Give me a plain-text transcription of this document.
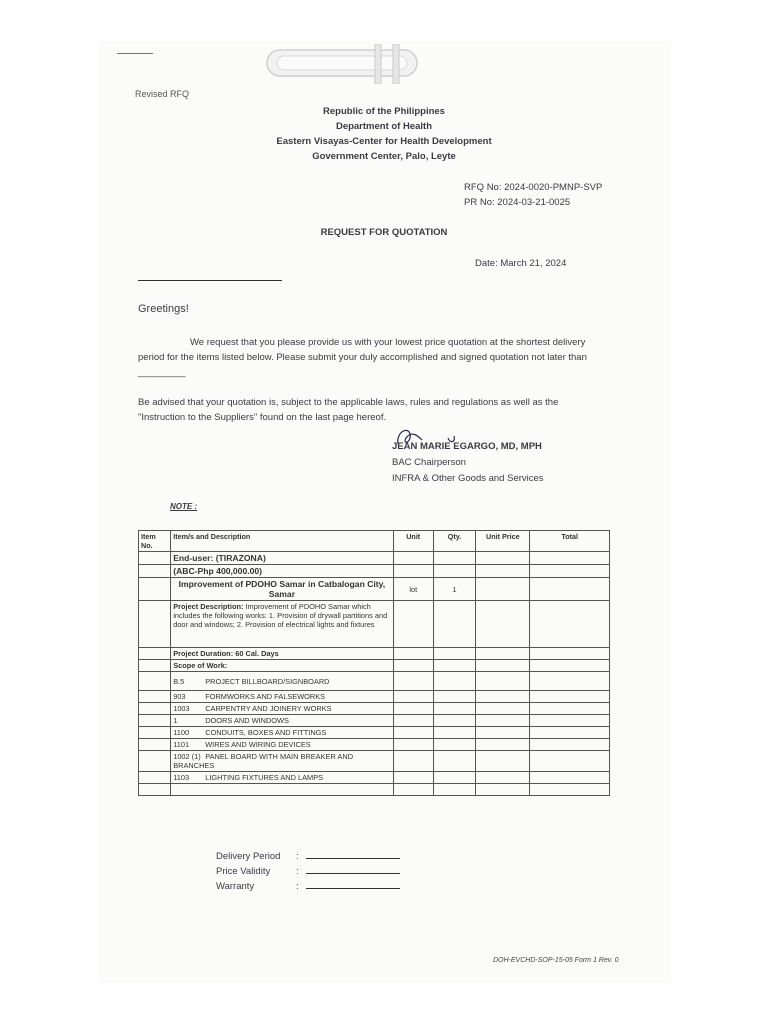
Revised RFQ
Republic of the Philippines
Department of Health
Eastern Visayas-Center for Health Development
Government Center, Palo, Leyte
RFQ No: 2024-0020-PMNP-SVP
PR No: 2024-03-21-0025
REQUEST FOR QUOTATION
Date: March 21, 2024
Greetings!
We request that you please provide us with your lowest price quotation at the shortest delivery period for the items listed below. Please submit your duly accomplished and signed quotation not later than _________
Be advised that your quotation is, subject to the applicable laws, rules and regulations as well as the "Instruction to the Suppliers" found on the last page hereof.
JEAN MARIE EGARGO, MD, MPH
BAC Chairperson
INFRA & Other Goods and Services
NOTE :
Item No.	Item/s and Description	Unit	Qty.	Unit Price	Total
	End-user: (TIRAZONA)				
	(ABC-Php 400,000.00)				
	Improvement of PDOHO Samar in Catbalogan City, Samar	lot	1		
	Project Description: Improvement of PDOHO Samar which includes the following works: 1. Provision of drywall partitions and door and windows; 2. Provision of electrical lights and fixtures				
	Project Duration: 60 Cal. Days				
	Scope of Work:				
	B.5 PROJECT BILLBOARD/SIGNBOARD				
	903 FORMWORKS AND FALSEWORKS				
	1003 CARPENTRY AND JOINERY WORKS				
	1 DOORS AND WINDOWS				
	1100 CONDUITS, BOXES AND FITTINGS				
	1101 WIRES AND WIRING DEVICES				
	1002 (1) PANEL BOARD WITH MAIN BREAKER AND BRANCHES				
	1103 LIGHTING FIXTURES AND LAMPS				

Delivery Period :
Price Validity	:
Warranty	:
DOH-EVCHD-SOP-15-05 Form 1 Rev. 0
